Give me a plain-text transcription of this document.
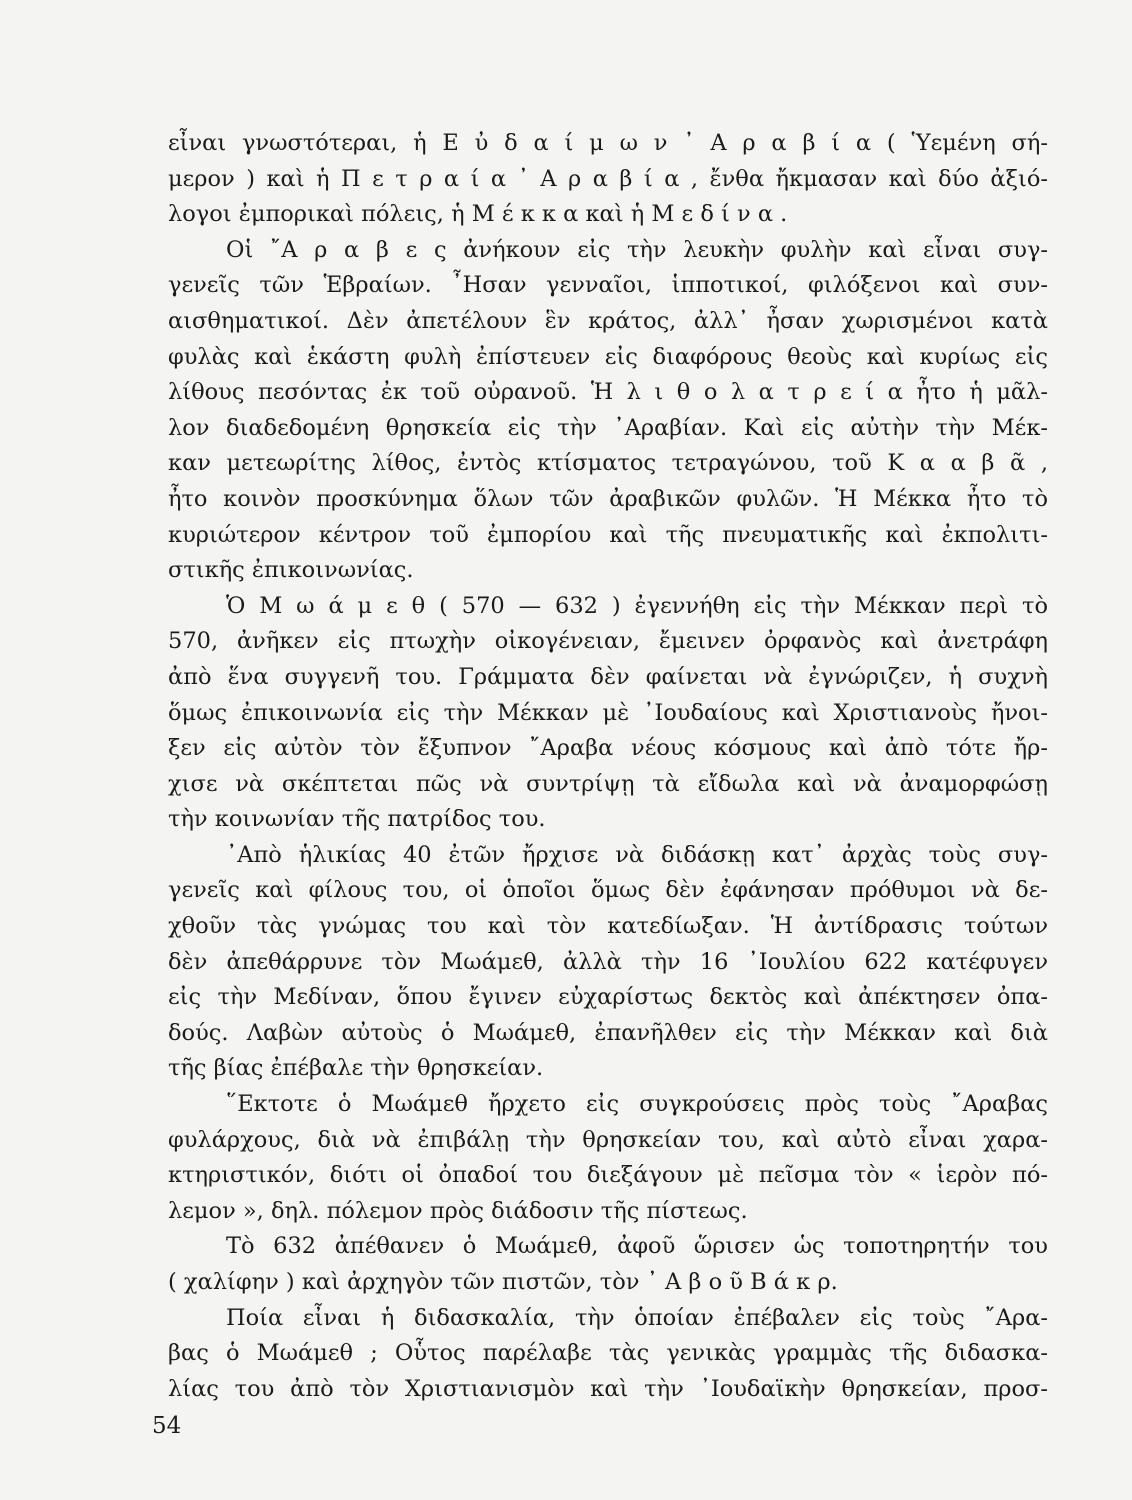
εἶναι γνωστότεραι, ἡ Ε ὐ δ α ί μ ω ν ᾿ Α ρ α β ί α ( Ὑεμένη σή-
μερον ) καὶ ἡ Π ε τ ρ α ί α ᾿ Α ρ α β ί α , ἔνθα ἤκμασαν καὶ δύο ἀξιό-
λογοι ἐμπορικαὶ πόλεις, ἡ Μ έ κ κ α καὶ ἡ Μ ε δ ί ν α .
Οἱ ῎Α ρ α β ε ς ἀνήκουν εἰς τὴν λευκὴν φυλὴν καὶ εἶναι συγ-
γενεῖς τῶν Ἑβραίων. ῏Ησαν γενναῖοι, ἱπποτικοί, φιλόξενοι καὶ συν-
αισθηματικοί. Δὲν ἀπετέλουν ἓν κράτος, ἀλλ᾿ ἦσαν χωρισμένοι κατὰ
φυλὰς καὶ ἑκάστη φυλὴ ἐπίστευεν εἰς διαφόρους θεοὺς καὶ κυρίως εἰς
λίθους πεσόντας ἐκ τοῦ οὐρανοῦ. Ἡ λ ι θ ο λ α τ ρ ε ί α ἦτο ἡ μᾶλ-
λον διαδεδομένη θρησκεία εἰς τὴν ᾿Αραβίαν. Καὶ εἰς αὐτὴν τὴν Μέκ-
καν μετεωρίτης λίθος, ἐντὸς κτίσματος τετραγώνου, τοῦ Κ α α β ᾶ ,
ἦτο κοινὸν προσκύνημα ὅλων τῶν ἀραβικῶν φυλῶν. Ἡ Μέκκα ἦτο τὸ
κυριώτερον κέντρον τοῦ ἐμπορίου καὶ τῆς πνευματικῆς καὶ ἐκπολιτι-
στικῆς ἐπικοινωνίας.
Ὁ Μ ω ά μ ε θ ( 570 — 632 ) ἐγεννήθη εἰς τὴν Μέκκαν περὶ τὸ
570, ἀνῆκεν εἰς πτωχὴν οἰκογένειαν, ἔμεινεν ὀρφανὸς καὶ ἀνετράφη
ἀπὸ ἕνα συγγενῆ του. Γράμματα δὲν φαίνεται νὰ ἐγνώριζεν, ἡ συχνὴ
ὅμως ἐπικοινωνία εἰς τὴν Μέκκαν μὲ ᾿Ιουδαίους καὶ Χριστιανοὺς ἤνοι-
ξεν εἰς αὐτὸν τὸν ἔξυπνον ῎Αραβα νέους κόσμους καὶ ἀπὸ τότε ἤρ-
χισε νὰ σκέπτεται πῶς νὰ συντρίψῃ τὰ εἴδωλα καὶ νὰ ἀναμορφώσῃ
τὴν κοινωνίαν τῆς πατρίδος του.
᾿Απὸ ἡλικίας 40 ἐτῶν ἤρχισε νὰ διδάσκῃ κατ᾿ ἀρχὰς τοὺς συγ-
γενεῖς καὶ φίλους του, οἱ ὁποῖοι ὅμως δὲν ἐφάνησαν πρόθυμοι νὰ δε-
χθοῦν τὰς γνώμας του καὶ τὸν κατεδίωξαν. Ἡ ἀντίδρασις τούτων
δὲν ἀπεθάρρυνε τὸν Μωάμεθ, ἀλλὰ τὴν 16 ᾿Ιουλίου 622 κατέφυγεν
εἰς τὴν Μεδίναν, ὅπου ἔγινεν εὐχαρίστως δεκτὸς καὶ ἀπέκτησεν ὀπα-
δούς. Λαβὼν αὐτοὺς ὁ Μωάμεθ, ἐπανῆλθεν εἰς τὴν Μέκκαν καὶ διὰ
τῆς βίας ἐπέβαλε τὴν θρησκείαν.
῞Εκτοτε ὁ Μωάμεθ ἤρχετο εἰς συγκρούσεις πρὸς τοὺς ῎Αραβας
φυλάρχους, διὰ νὰ ἐπιβάλῃ τὴν θρησκείαν του, καὶ αὐτὸ εἶναι χαρα-
κτηριστικόν, διότι οἱ ὀπαδοί του διεξάγουν μὲ πεῖσμα τὸν « ἱερὸν πό-
λεμον », δηλ. πόλεμον πρὸς διάδοσιν τῆς πίστεως.
Τὸ 632 ἀπέθανεν ὁ Μωάμεθ, ἀφοῦ ὥρισεν ὡς τοποτηρητήν του
( χαλίφην ) καὶ ἀρχηγὸν τῶν πιστῶν, τὸν ᾿ Α β ο ῦ Β ά κ ρ.
Ποία εἶναι ἡ διδασκαλία, τὴν ὁποίαν ἐπέβαλεν εἰς τοὺς ῎Αρα-
βας ὁ Μωάμεθ ; Οὗτος παρέλαβε τὰς γενικὰς γραμμὰς τῆς διδασκα-
λίας του ἀπὸ τὸν Χριστιανισμὸν καὶ τὴν ᾿Ιουδαϊκὴν θρησκείαν, προσ-
54
